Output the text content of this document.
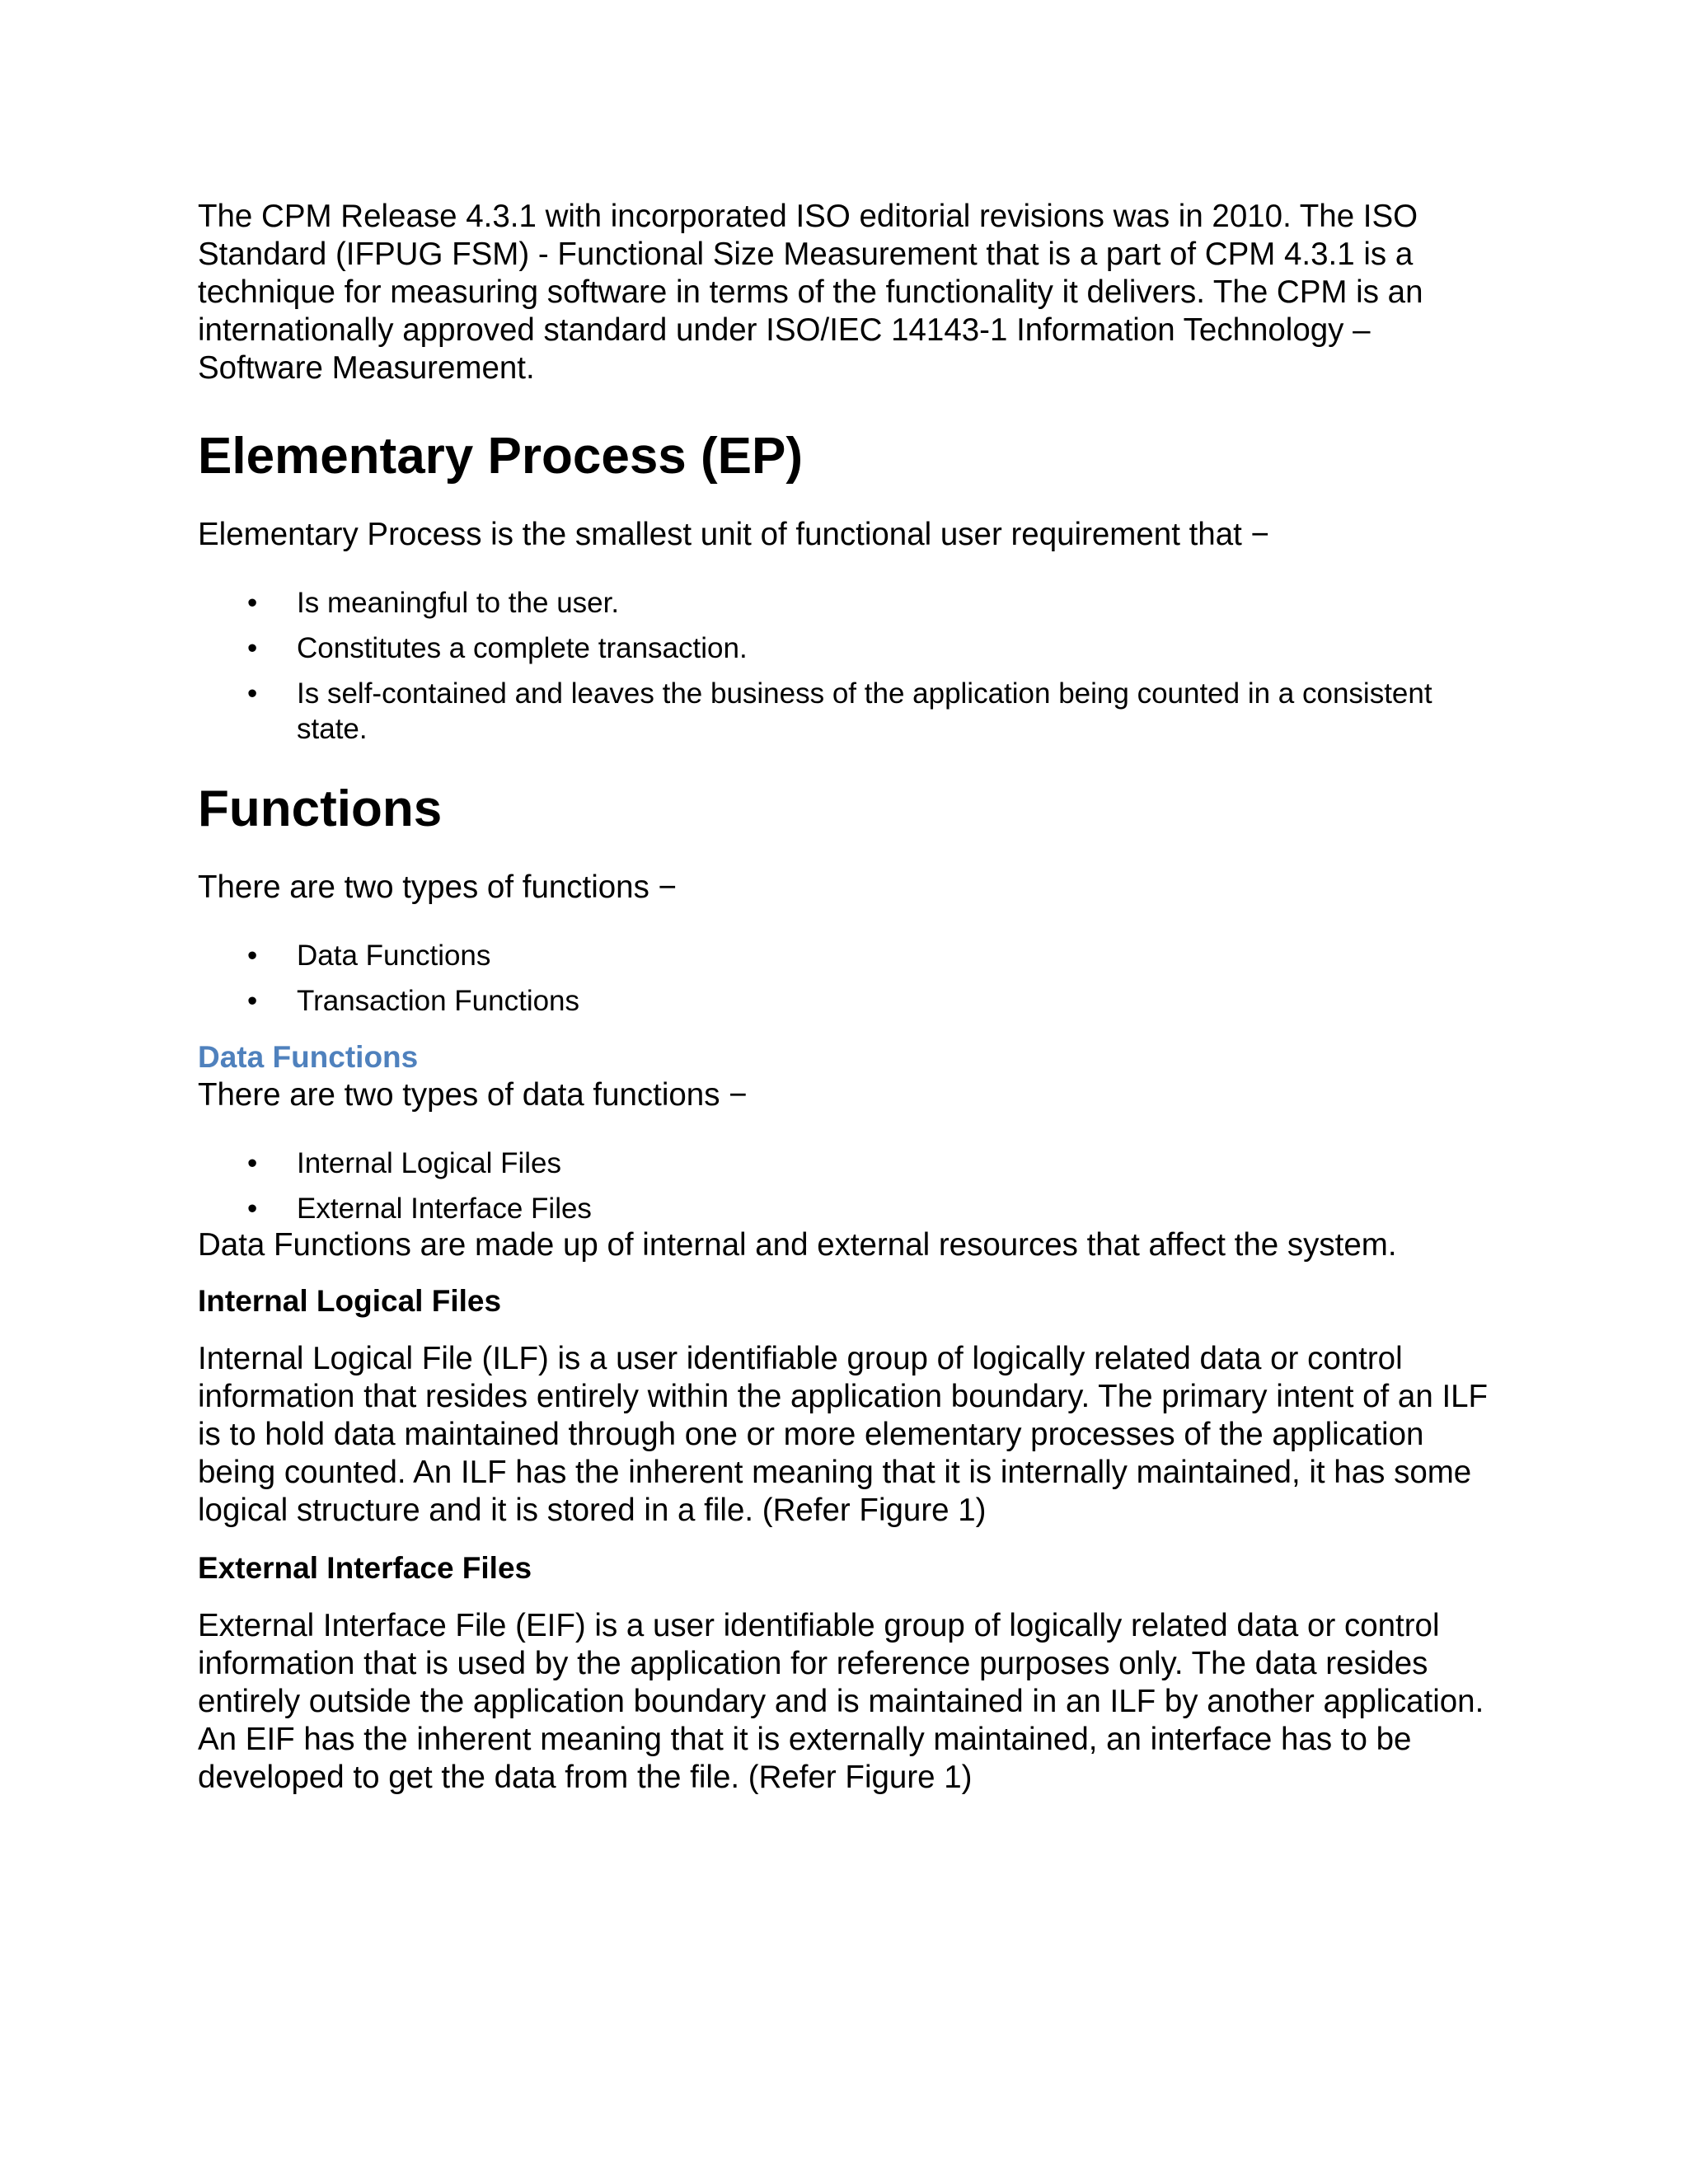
The CPM Release 4.3.1 with incorporated ISO editorial revisions was in 2010. The ISO Standard (IFPUG FSM) - Functional Size Measurement that is a part of CPM 4.3.1 is a technique for measuring software in terms of the functionality it delivers. The CPM is an internationally approved standard under ISO/IEC 14143-1 Information Technology – Software Measurement.

Elementary Process (EP)

Elementary Process is the smallest unit of functional user requirement that −

• Is meaningful to the user.
• Constitutes a complete transaction.
• Is self-contained and leaves the business of the application being counted in a consistent state.
Functions

There are two types of functions −

• Data Functions
• Transaction Functions
Data Functions

There are two types of data functions −

• Internal Logical Files
• External Interface Files

Data Functions are made up of internal and external resources that affect the system.

Internal Logical Files

Internal Logical File (ILF) is a user identifiable group of logically related data or control information that resides entirely within the application boundary. The primary intent of an ILF is to hold data maintained through one or more elementary processes of the application being counted. An ILF has the inherent meaning that it is internally maintained, it has some logical structure and it is stored in a file. (Refer Figure 1)

External Interface Files

External Interface File (EIF) is a user identifiable group of logically related data or control information that is used by the application for reference purposes only. The data resides entirely outside the application boundary and is maintained in an ILF by another application. An EIF has the inherent meaning that it is externally maintained, an interface has to be developed to get the data from the file. (Refer Figure 1)
